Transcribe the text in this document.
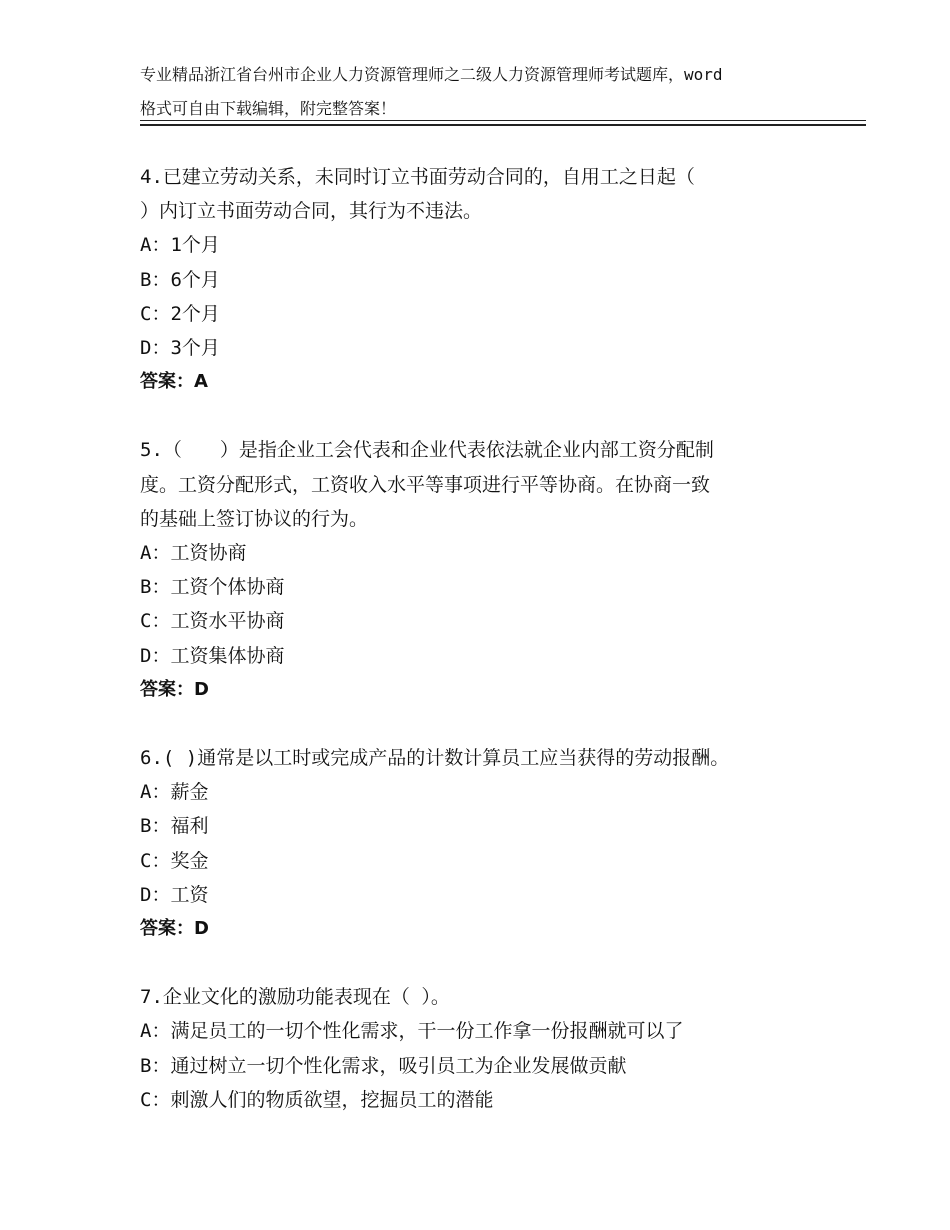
专业精品浙江省台州市企业人力资源管理师之二级人力资源管理师考试题库，word
格式可自由下载编辑，附完整答案！
4.已建立劳动关系，未同时订立书面劳动合同的，自用工之日起（
）内订立书面劳动合同，其行为不违法。
A：1个月
B：6个月
C：2个月
D：3个月
答案：A
5.（　　）是指企业工会代表和企业代表依法就企业内部工资分配制
度。工资分配形式，工资收入水平等事项进行平等协商。在协商一致
的基础上签订协议的行为。
A：工资协商
B：工资个体协商
C：工资水平协商
D：工资集体协商
答案：D
6.( )通常是以工时或完成产品的计数计算员工应当获得的劳动报酬。
A：薪金
B：福利
C：奖金
D：工资
答案：D
7.企业文化的激励功能表现在（ ）。
A：满足员工的一切个性化需求，干一份工作拿一份报酬就可以了
B：通过树立一切个性化需求，吸引员工为企业发展做贡献
C：刺激人们的物质欲望，挖掘员工的潜能
